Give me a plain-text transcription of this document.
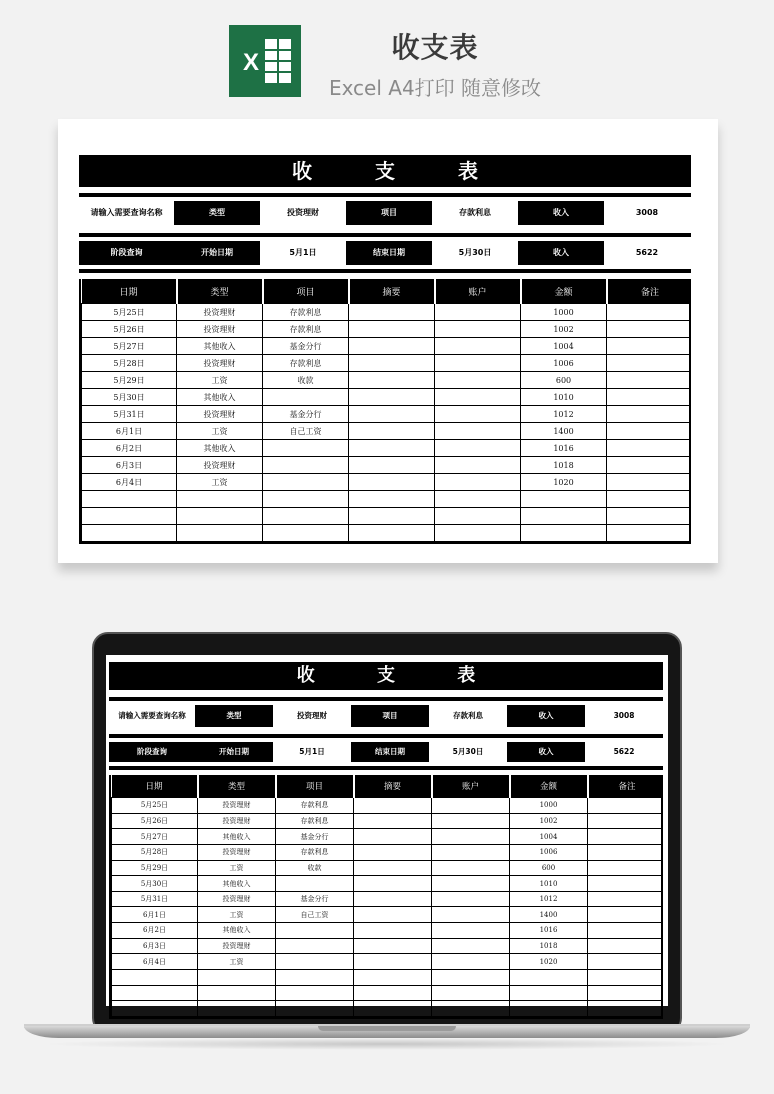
X	收支表
Excel A4打印 随意修改
收 支 表
请输入需要查询名称	类型	投资理财	项目	存款利息	收入	3008
阶段查询	开始日期	5月1日	结束日期	5月30日	收入	5622
日期	类型	项目	摘要	账户	金额	备注
5月25日	投资理财	存款利息			1000	
5月26日	投资理财	存款利息			1002	
5月27日	其他收入	基金分行			1004	
5月28日	投资理财	存款利息			1006	
5月29日	工资	收款			600	
5月30日	其他收入				1010	
5月31日	投资理财	基金分行			1012	
6月1日	工资	自己工资			1400	
6月2日	其他收入				1016	
6月3日	投资理财				1018	
6月4日	工资				1020	

收 支 表
请输入需要查询名称	类型	投资理财	项目	存款利息	收入	3008
阶段查询	开始日期	5月1日	结束日期	5月30日	收入	5622
日期	类型	项目	摘要	账户	金额	备注
5月25日	投资理财	存款利息			1000	
5月26日	投资理财	存款利息			1002	
5月27日	其他收入	基金分行			1004	
5月28日	投资理财	存款利息			1006	
5月29日	工资	收款			600	
5月30日	其他收入				1010	
5月31日	投资理财	基金分行			1012	
6月1日	工资	自己工资			1400	
6月2日	其他收入				1016	
6月3日	投资理财				1018	
6月4日	工资				1020	
